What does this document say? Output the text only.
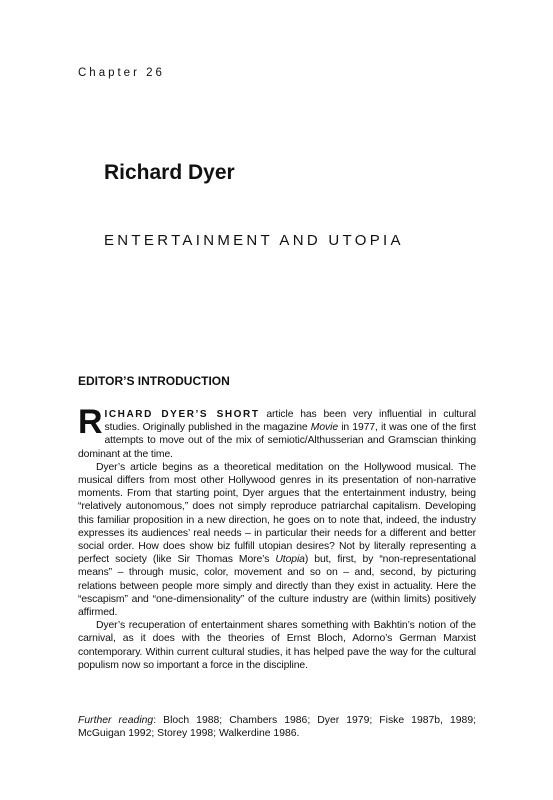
Chapter 26
Richard Dyer
ENTERTAINMENT AND UTOPIA
EDITOR’S INTRODUCTION

RICHARD DYER’S SHORT article has been very influential in cultural studies. Originally published in the magazine Movie in 1977, it was one of the first attempts to move out of the mix of semiotic/Althusserian and Gramscian thinking dominant at the time.

Dyer’s article begins as a theoretical meditation on the Hollywood musical. The musical differs from most other Hollywood genres in its presentation of non-narrative moments. From that starting point, Dyer argues that the entertainment industry, being “relatively autonomous,” does not simply reproduce patriarchal capitalism. Developing this familiar proposition in a new direction, he goes on to note that, indeed, the industry expresses its audiences’ real needs – in particular their needs for a different and better social order. How does show biz fulfill utopian desires? Not by literally representing a perfect society (like Sir Thomas More’s Utopia) but, first, by “non-representational means” – through music, color, movement and so on – and, second, by picturing relations between people more simply and directly than they exist in actuality. Here the “escapism” and “one-dimensionality” of the culture industry are (within limits) positively affirmed.

Dyer’s recuperation of entertainment shares something with Bakhtin’s notion of the carnival, as it does with the theories of Ernst Bloch, Adorno’s German Marxist contemporary. Within current cultural studies, it has helped pave the way for the cultural populism now so important a force in the discipline.

Further reading: Bloch 1988; Chambers 1986; Dyer 1979; Fiske 1987b, 1989; McGuigan 1992; Storey 1998; Walkerdine 1986.
